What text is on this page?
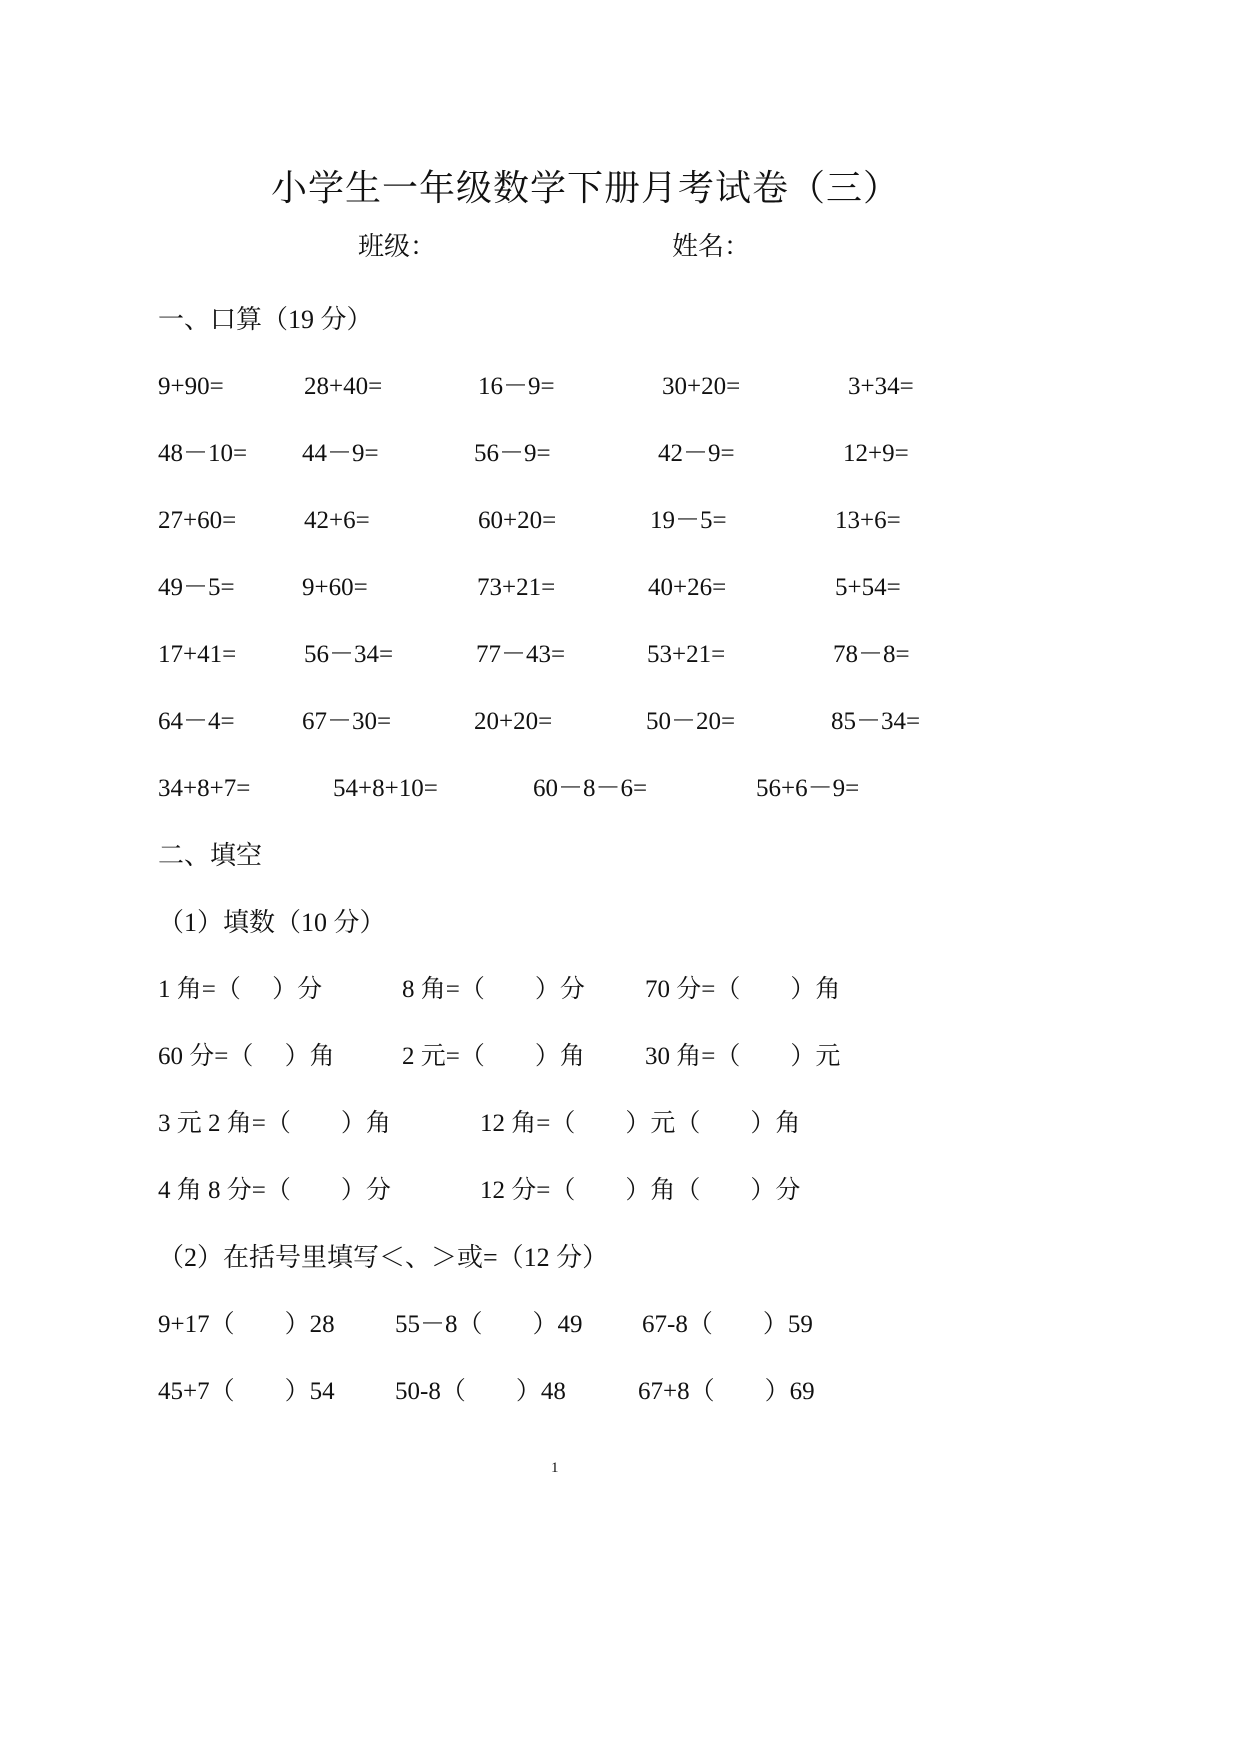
小学生一年级数学下册月考试卷（三）
班级：	姓名：
一、口算（19 分）
9+90=	28+40=	16－9=	30+20=	3+34=
48－10= 44－9=	56－9=	42－9=	12+9=
27+60=	42+6=	60+20=	19－5=	13+6=
49－5=	9+60=	73+21=	40+26=	5+54=
17+41=	56－34=	77－43=	53+21=	78－8=
64－4=	67－30=	20+20=	50－20=	85－34=
34+8+7=	54+8+10=	60－8－6=	56+6－9=
二、填空
（1）填数（10 分）
1 角=（　 ）分	8 角=（　　）分 70 分=（　　）角
60 分=（　 ）角	2 元=（　　）角 30 角=（　　）元
3 元 2 角=（　　）角	12 角=（　　）元（　　）角
4 角 8 分=（　　）分	12 分=（　　）角（　　）分
（2）在括号里填写＜、＞或=（12 分）
9+17（　　）28 55－8（　　）49 67-8（　　）59
45+7（　　）54 50-8（　　）48	67+8（　　）69
1
